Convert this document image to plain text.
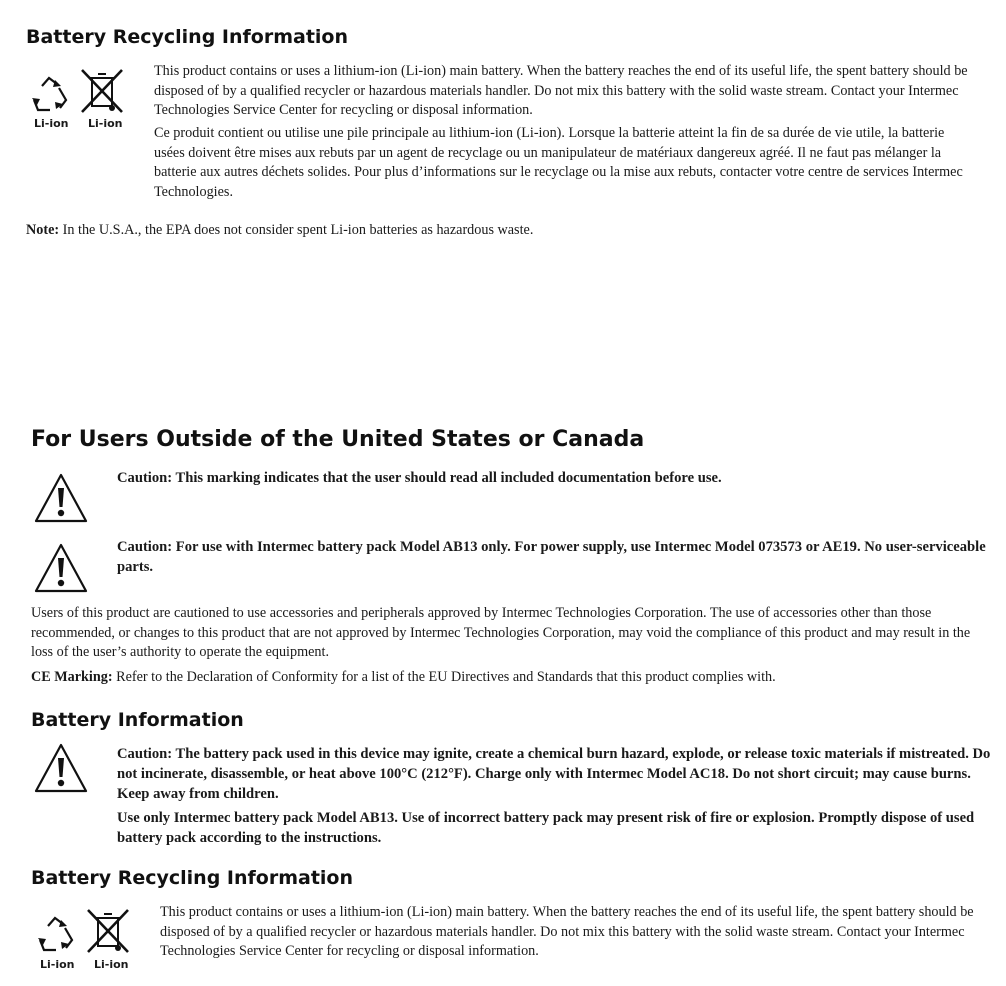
Battery Recycling Information
Li-ion Li-ion

This product contains or uses a lithium-ion (Li-ion) main battery. When the battery reaches the end of its useful life, the spent battery should be disposed of by a qualified recycler or hazardous materials handler. Do not mix this battery with the solid waste stream. Contact your Intermec Technologies Service Center for recycling or disposal information.

Ce produit contient ou utilise une pile principale au lithium-ion (Li-ion). Lorsque la batterie atteint la fin de sa durée de vie utile, la batterie usées doivent être mises aux rebuts par un agent de recyclage ou un manipulateur de matériaux dangereux agréé. Il ne faut pas mélanger la batterie aux autres déchets solides. Pour plus d’informations sur le recyclage ou la mise aux rebuts, contacter votre centre de services Intermec Technologies.

Note: In the U.S.A., the EPA does not consider spent Li-ion batteries as hazardous waste.

For Users Outside of the United States or Canada

Caution: This marking indicates that the user should read all included documentation before use.

Caution: For use with Intermec battery pack Model AB13 only. For power supply, use Intermec Model 073573 or AE19. No user-serviceable parts.

Users of this product are cautioned to use accessories and peripherals approved by Intermec Technologies Corporation. The use of accessories other than those recommended, or changes to this product that are not approved by Intermec Technologies Corporation, may void the compliance of this product and may result in the loss of the user’s authority to operate the equipment.

CE Marking: Refer to the Declaration of Conformity for a list of the EU Directives and Standards that this product complies with.

Battery Information

Caution: The battery pack used in this device may ignite, create a chemical burn hazard, explode, or release toxic materials if mistreated. Do not incinerate, disassemble, or heat above 100°C (212°F). Charge only with Intermec Model AC18. Do not short circuit; may cause burns. Keep away from children.

Use only Intermec battery pack Model AB13. Use of incorrect battery pack may present risk of fire or explosion. Promptly dispose of used battery pack according to the instructions.

Battery Recycling Information
Li-ion Li-ion

This product contains or uses a lithium-ion (Li-ion) main battery. When the battery reaches the end of its useful life, the spent battery should be disposed of by a qualified recycler or hazardous materials handler. Do not mix this battery with the solid waste stream. Contact your Intermec Technologies Service Center for recycling or disposal information.
